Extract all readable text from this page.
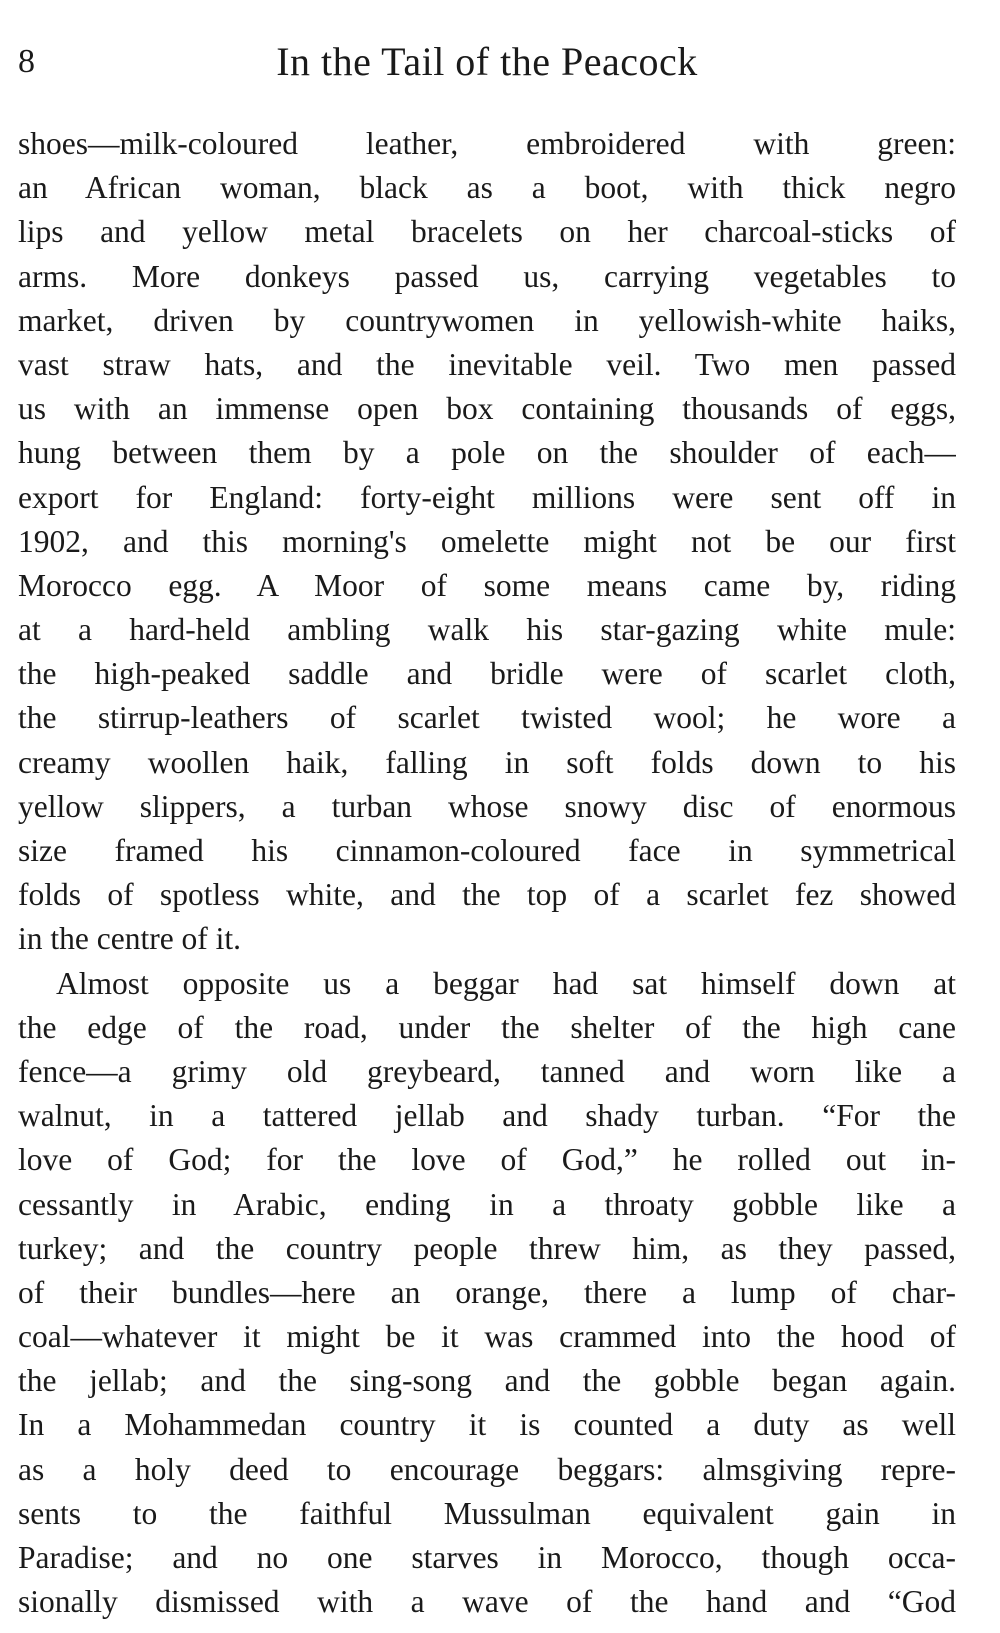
8	In the Tail of the Peacock
shoes—milk-coloured leather, embroidered with green:
an African woman, black as a boot, with thick negro
lips and yellow metal bracelets on her charcoal-sticks of
arms. More donkeys passed us, carrying vegetables to
market, driven by countrywomen in yellowish-white haiks,
vast straw hats, and the inevitable veil. Two men passed
us with an immense open box containing thousands of eggs,
hung between them by a pole on the shoulder of each—
export for England: forty-eight millions were sent off in
1902, and this morning's omelette might not be our first
Morocco egg. A Moor of some means came by, riding
at a hard-held ambling walk his star-gazing white mule:
the high-peaked saddle and bridle were of scarlet cloth,
the stirrup-leathers of scarlet twisted wool; he wore a
creamy woollen haik, falling in soft folds down to his
yellow slippers, a turban whose snowy disc of enormous
size framed his cinnamon-coloured face in symmetrical
folds of spotless white, and the top of a scarlet fez showed
in the centre of it.
Almost opposite us a beggar had sat himself down at
the edge of the road, under the shelter of the high cane
fence—a grimy old greybeard, tanned and worn like a
walnut, in a tattered jellab and shady turban. “For the
love of God; for the love of God,” he rolled out in-
cessantly in Arabic, ending in a throaty gobble like a
turkey; and the country people threw him, as they passed,
of their bundles—here an orange, there a lump of char-
coal—whatever it might be it was crammed into the hood of
the jellab; and the sing-song and the gobble began again.
In a Mohammedan country it is counted a duty as well
as a holy deed to encourage beggars: almsgiving repre-
sents to the faithful Mussulman equivalent gain in
Paradise; and no one starves in Morocco, though occa-
sionally dismissed with a wave of the hand and “God
